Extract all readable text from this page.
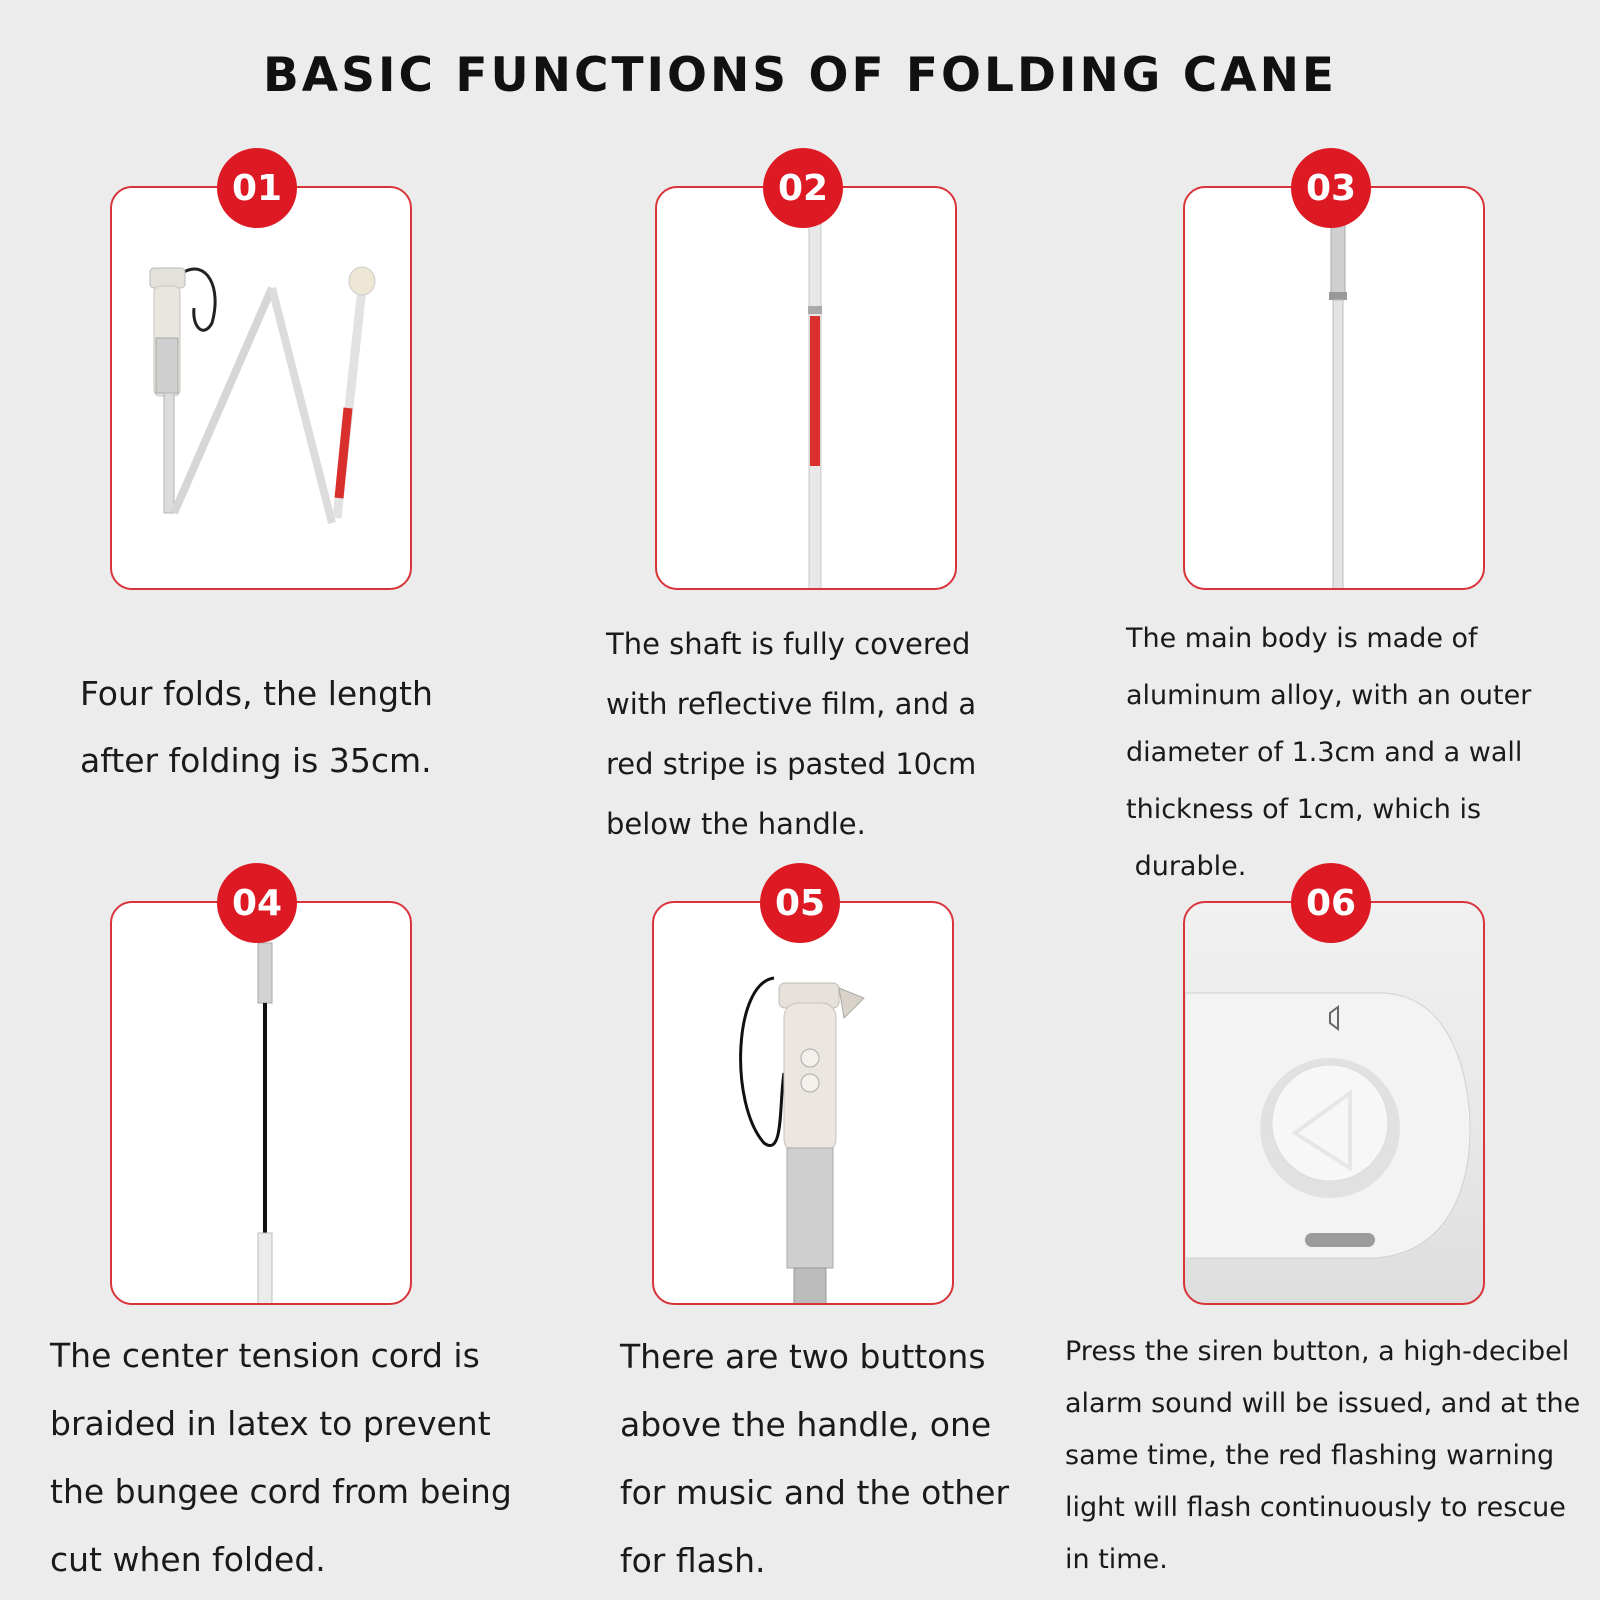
BASIC FUNCTIONS OF FOLDING CANE
01

Four folds, the length

after folding is 35cm.

02

The shaft is fully covered

with reflective film, and a

red stripe is pasted 10cm

below the handle.

03

The main body is made of

aluminum alloy, with an outer

diameter of 1.3cm and a wall

thickness of 1cm, which is

durable.

04

The center tension cord is

braided in latex to prevent

the bungee cord from being

cut when folded.

05

There are two buttons

above the handle, one

for music and the other

for flash.

06

Press the siren button, a high-decibel

alarm sound will be issued, and at the

same time, the red flashing warning

light will flash continuously to rescue

in time.
